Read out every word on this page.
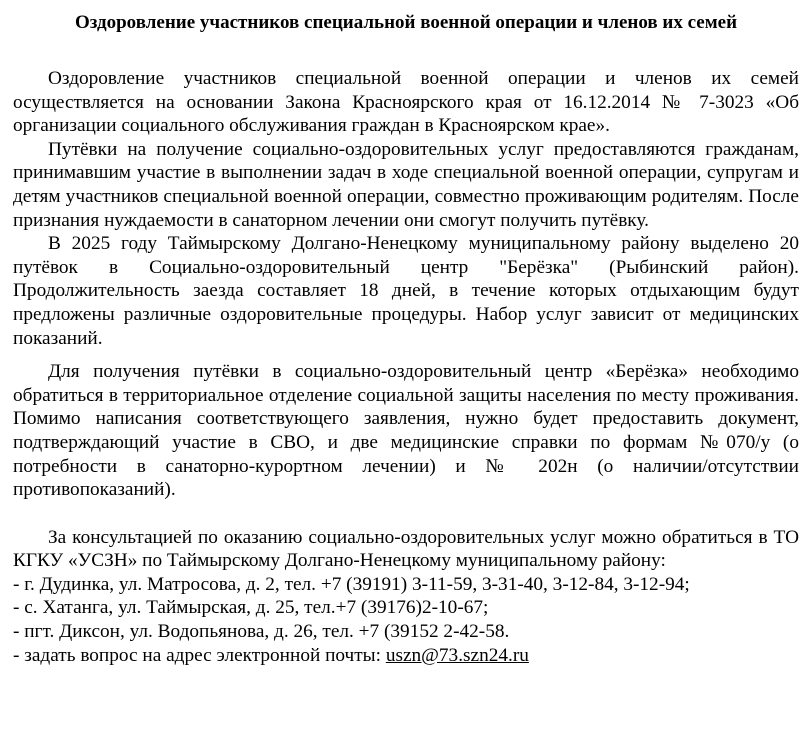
Оздоровление участников специальной военной операции и членов их семей

Оздоровление участников специальной военной операции и членов их семей осуществляется на основании Закона Красноярского края от 16.12.2014 № 7-3023 «Об организации социального обслуживания граждан в Красноярском крае».

Путёвки на получение социально-оздоровительных услуг предоставляются гражданам, принимавшим участие в выполнении задач в ходе специальной военной операции, супругам и детям участников специальной военной операции, совместно проживающим родителям. После признания нуждаемости в санаторном лечении они смогут получить путёвку.

В 2025 году Таймырскому Долгано-Ненецкому муниципальному району выделено 20 путёвок в Социально-оздоровительный центр "Берёзка" (Рыбинский район). Продолжительность заезда составляет 18 дней, в течение которых отдыхающим будут предложены различные оздоровительные процедуры. Набор услуг зависит от медицинских показаний.

Для получения путёвки в социально-оздоровительный центр «Берёзка» необходимо обратиться в территориальное отделение социальной защиты населения по месту проживания. Помимо написания соответствующего заявления, нужно будет предоставить документ, подтверждающий участие в СВО, и две медицинские справки по формам №070/у (о потребности в санаторно-курортном лечении) и № 202н (о наличии/отсутствии противопоказаний).

За консультацией по оказанию социально-оздоровительных услуг можно обратиться в ТО КГКУ «УСЗН» по Таймырскому Долгано-Ненецкому муниципальному району:
- г. Дудинка, ул. Матросова, д. 2, тел. +7 (39191) 3-11-59, 3-31-40, 3-12-84, 3-12-94;
- с. Хатанга, ул. Таймырская, д. 25, тел.+7 (39176)2-10-67;
- пгт. Диксон, ул. Водопьянова, д. 26, тел. +7 (39152 2-42-58.
- задать вопрос на адрес электронной почты: uszn@73.szn24.ru
